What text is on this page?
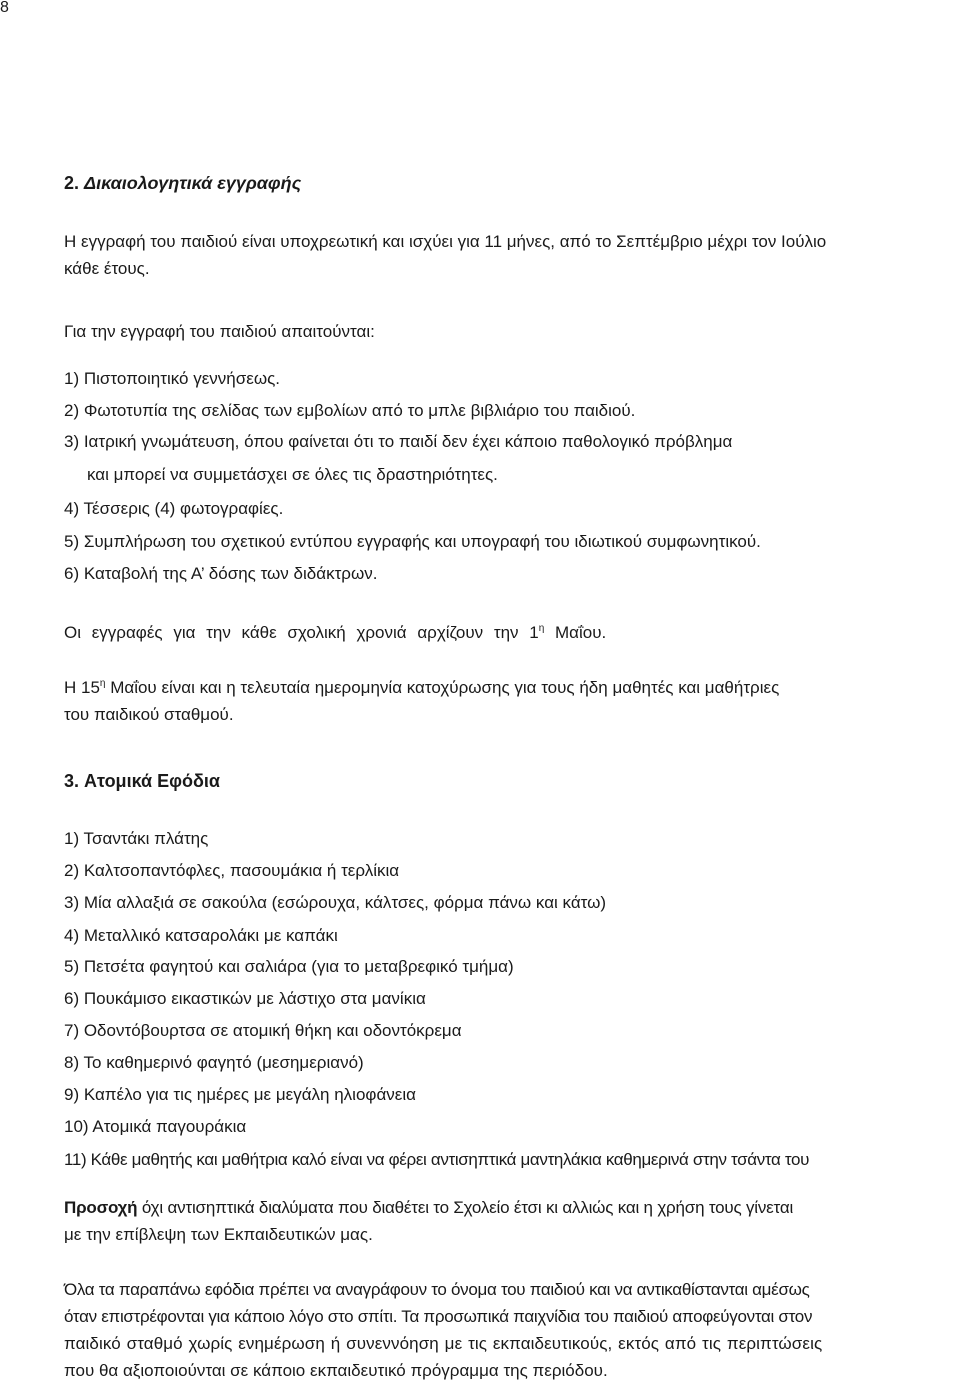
8
2. Δικαιολογητικά εγγραφής
Η εγγραφή του παιδιού είναι υποχρεωτική και ισχύει για 11 μήνες, από το Σεπτέμβριο μέχρι τον Ιούλιο
κάθε έτους.
Για την εγγραφή του παιδιού απαιτούνται:
1) Πιστοποιητικό γεννήσεως.
2) Φωτοτυπία της σελίδας των εμβολίων από το μπλε βιβλιάριο του παιδιού.
3) Ιατρική γνωμάτευση, όπου φαίνεται ότι το παιδί δεν έχει κάποιο παθολογικό πρόβλημα
και μπορεί να συμμετάσχει σε όλες τις δραστηριότητες.
4) Τέσσερις (4) φωτογραφίες.
5) Συμπλήρωση του σχετικού εντύπου εγγραφής και υπογραφή του ιδιωτικού συμφωνητικού.
6) Καταβολή της Α’ δόσης των διδάκτρων.
Οι εγγραφές για την κάθε σχολική χρονιά αρχίζουν την $1^\eta$ Μαΐου.
Η $15^\eta$ Μαΐου είναι και η τελευταία ημερομηνία κατοχύρωσης για τους ήδη μαθητές και μαθήτριες
του παιδικού σταθμού.
3. Ατομικά Εφόδια
1) Τσαντάκι πλάτης
2) Καλτσοπαντόφλες, πασουμάκια ή τερλίκια
3) Μία αλλαξιά σε σακούλα (εσώρουχα, κάλτσες, φόρμα πάνω και κάτω)
4) Μεταλλικό κατσαρολάκι με καπάκι
5) Πετσέτα φαγητού και σαλιάρα (για το μεταβρεφικό τμήμα)
6) Πουκάμισο εικαστικών με λάστιχο στα μανίκια
7) Οδοντόβουρτσα σε ατομική θήκη και οδοντόκρεμα
8) Το καθημερινό φαγητό (μεσημεριανό)
9) Καπέλο για τις ημέρες με μεγάλη ηλιοφάνεια
10) Ατομικά παγουράκια
11) Κάθε μαθητής και μαθήτρια καλό είναι να φέρει αντισηπτικά μαντηλάκια καθημερινά στην τσάντα του
Προσοχή όχι αντισηπτικά διαλύματα που διαθέτει το Σχολείο έτσι κι αλλιώς και η χρήση τους γίνεται
με την επίβλεψη των Εκπαιδευτικών μας.
Όλα τα παραπάνω εφόδια πρέπει να αναγράφουν το όνομα του παιδιού και να αντικαθίστανται αμέσως
όταν επιστρέφονται για κάποιο λόγο στο σπίτι. Τα προσωπικά παιχνίδια του παιδιού αποφεύγονται στον
παιδικό σταθμό χωρίς ενημέρωση ή συνεννόηση με τις εκπαιδευτικούς, εκτός από τις περιπτώσεις
που θα αξιοποιούνται σε κάποιο εκπαιδευτικό πρόγραμμα της περιόδου.
